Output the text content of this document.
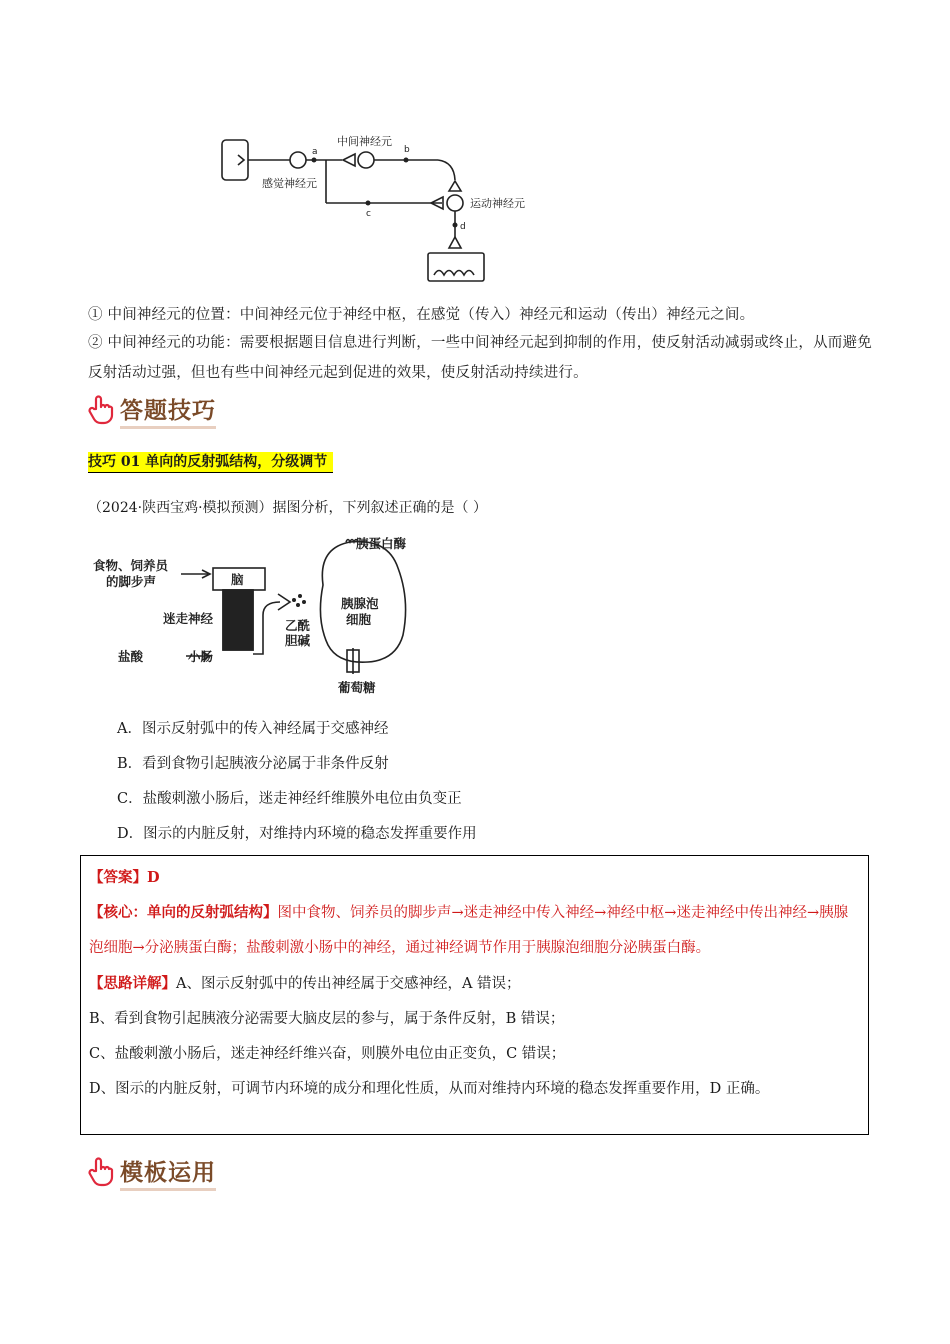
中间神经元
感觉神经元
运动神经元
a	b
c
d
① 中间神经元的位置：中间神经元位于神经中枢，在感觉（传入）神经元和运动（传出）神经元之间。
② 中间神经元的功能：需要根据题目信息进行判断，一些中间神经元起到抑制的作用，使反射活动减弱或终止，从而避免反射活动过强，但也有些中间神经元起到促进的效果，使反射活动持续进行。
答题技巧
技巧 01 单向的反射弧结构，分级调节
（2024·陕西宝鸡·模拟预测）据图分析，下列叙述正确的是（ ）
食物、饲养员
的脚步声	脑
迷走神经
盐酸	小肠
乙酰
胆碱
胰蛋白酶
胰腺泡
细胞
葡萄糖
A．图示反射弧中的传入神经属于交感神经
B．看到食物引起胰液分泌属于非条件反射
C．盐酸刺激小肠后，迷走神经纤维膜外电位由负变正
D．图示的内脏反射，对维持内环境的稳态发挥重要作用
【答案】D
【核心：单向的反射弧结构】图中食物、饲养员的脚步声→迷走神经中传入神经→神经中枢→迷走神经中传出神经→胰腺泡细胞→分泌胰蛋白酶；盐酸刺激小肠中的神经，通过神经调节作用于胰腺泡细胞分泌胰蛋白酶。
【思路详解】A、图示反射弧中的传出神经属于交感神经，A 错误；
B、看到食物引起胰液分泌需要大脑皮层的参与，属于条件反射，B 错误；
C、盐酸刺激小肠后，迷走神经纤维兴奋，则膜外电位由正变负，C 错误；
D、图示的内脏反射，可调节内环境的成分和理化性质，从而对维持内环境的稳态发挥重要作用，D 正确。
模板运用
